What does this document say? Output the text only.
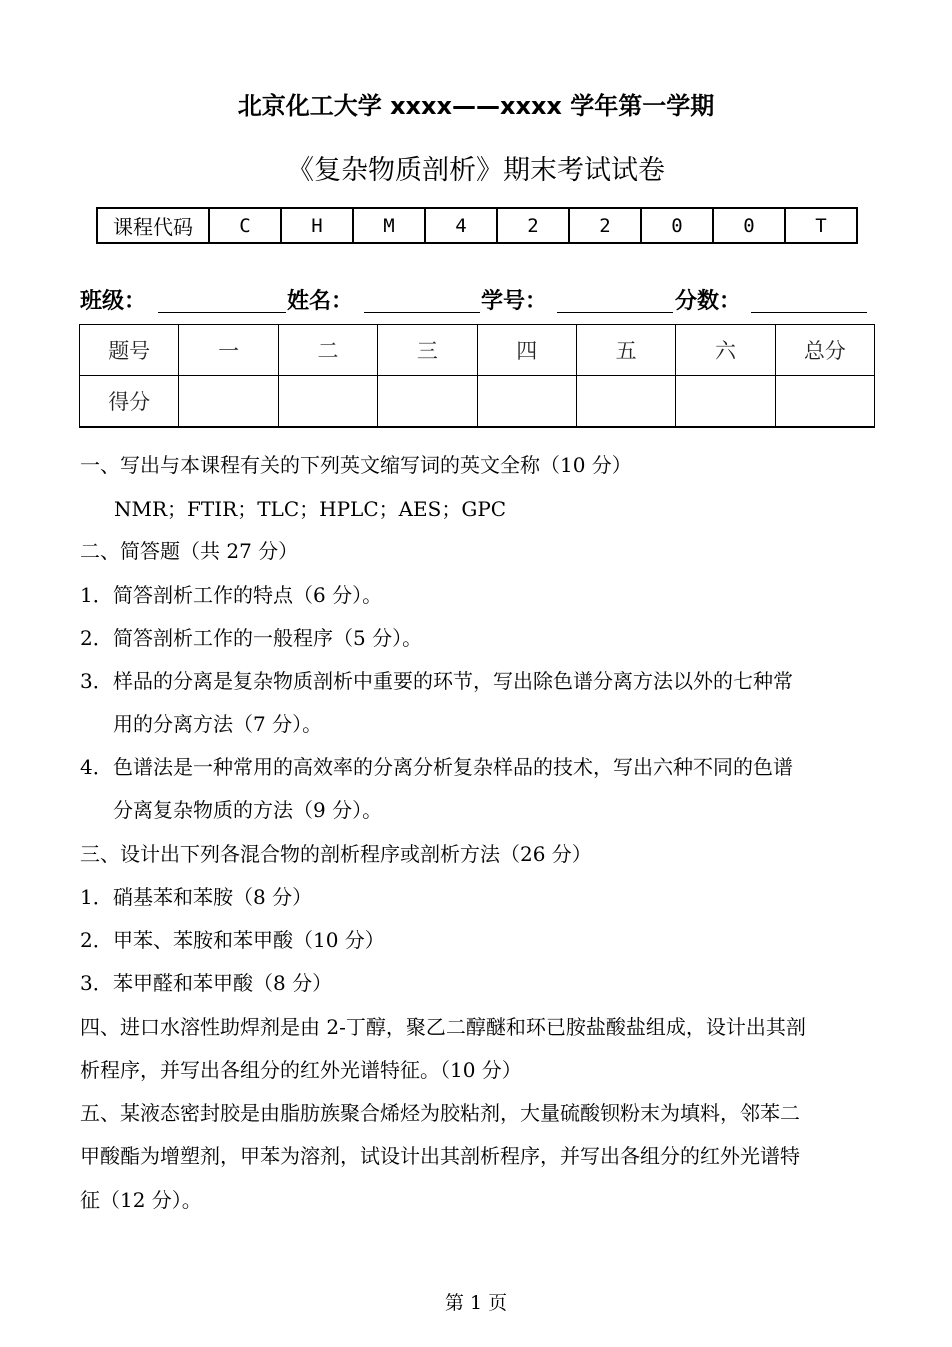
北京化工大学 xxxx——xxxx 学年第一学期
《复杂物质剖析》期末考试试卷
课程代码	C	H	M	4	2	2	0	0	T
班级：	姓名：	学号：	分数：
题号	一	二	三	四	五	六	总分
得分							

一、写出与本课程有关的下列英文缩写词的英文全称（10 分）

NMR；FTIR；TLC；HPLC；AES；GPC

二、简答题（共 27 分）

1．简答剖析工作的特点（6 分）。

2．简答剖析工作的一般程序（5 分）。

3．样品的分离是复杂物质剖析中重要的环节，写出除色谱分离方法以外的七种常

用的分离方法（7 分）。

4．色谱法是一种常用的高效率的分离分析复杂样品的技术，写出六种不同的色谱

分离复杂物质的方法（9 分）。

三、设计出下列各混合物的剖析程序或剖析方法（26 分）

1．硝基苯和苯胺（8 分）

2．甲苯、苯胺和苯甲酸（10 分）

3．苯甲醛和苯甲酸（8 分）

四、进口水溶性助焊剂是由 2-丁醇，聚乙二醇醚和环已胺盐酸盐组成，设计出其剖

析程序，并写出各组分的红外光谱特征。（10 分）

五、某液态密封胶是由脂肪族聚合烯烃为胶粘剂，大量硫酸钡粉末为填料，邻苯二

甲酸酯为增塑剂，甲苯为溶剂，试设计出其剖析程序，并写出各组分的红外光谱特

征（12 分）。

第 1 页
